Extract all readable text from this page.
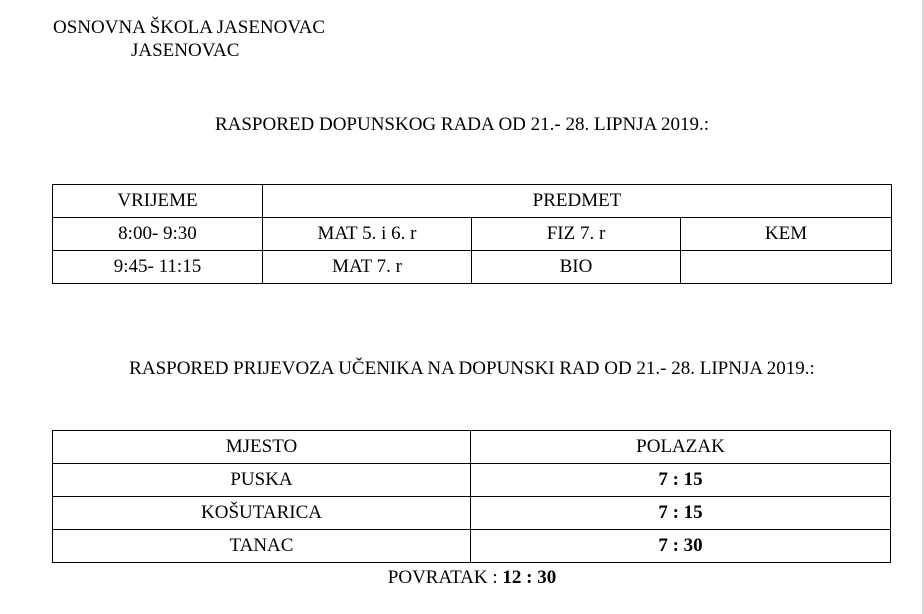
OSNOVNA ŠKOLA JASENOVAC
JASENOVAC
RASPORED DOPUNSKOG RADA OD 21.- 28. LIPNJA 2019.:
VRIJEME	PREDMET		
8:00- 9:30	MAT 5. i 6. r	FIZ 7. r	KEM
9:45- 11:15	MAT 7. r	BIO	
RASPORED PRIJEVOZA UČENIKA NA DOPUNSKI RAD OD 21.- 28. LIPNJA 2019.:
MJESTO	POLAZAK
PUSKA	7 : 15
KOŠUTARICA	7 : 15
TANAC	7 : 30
POVRATAK : 12 : 30
